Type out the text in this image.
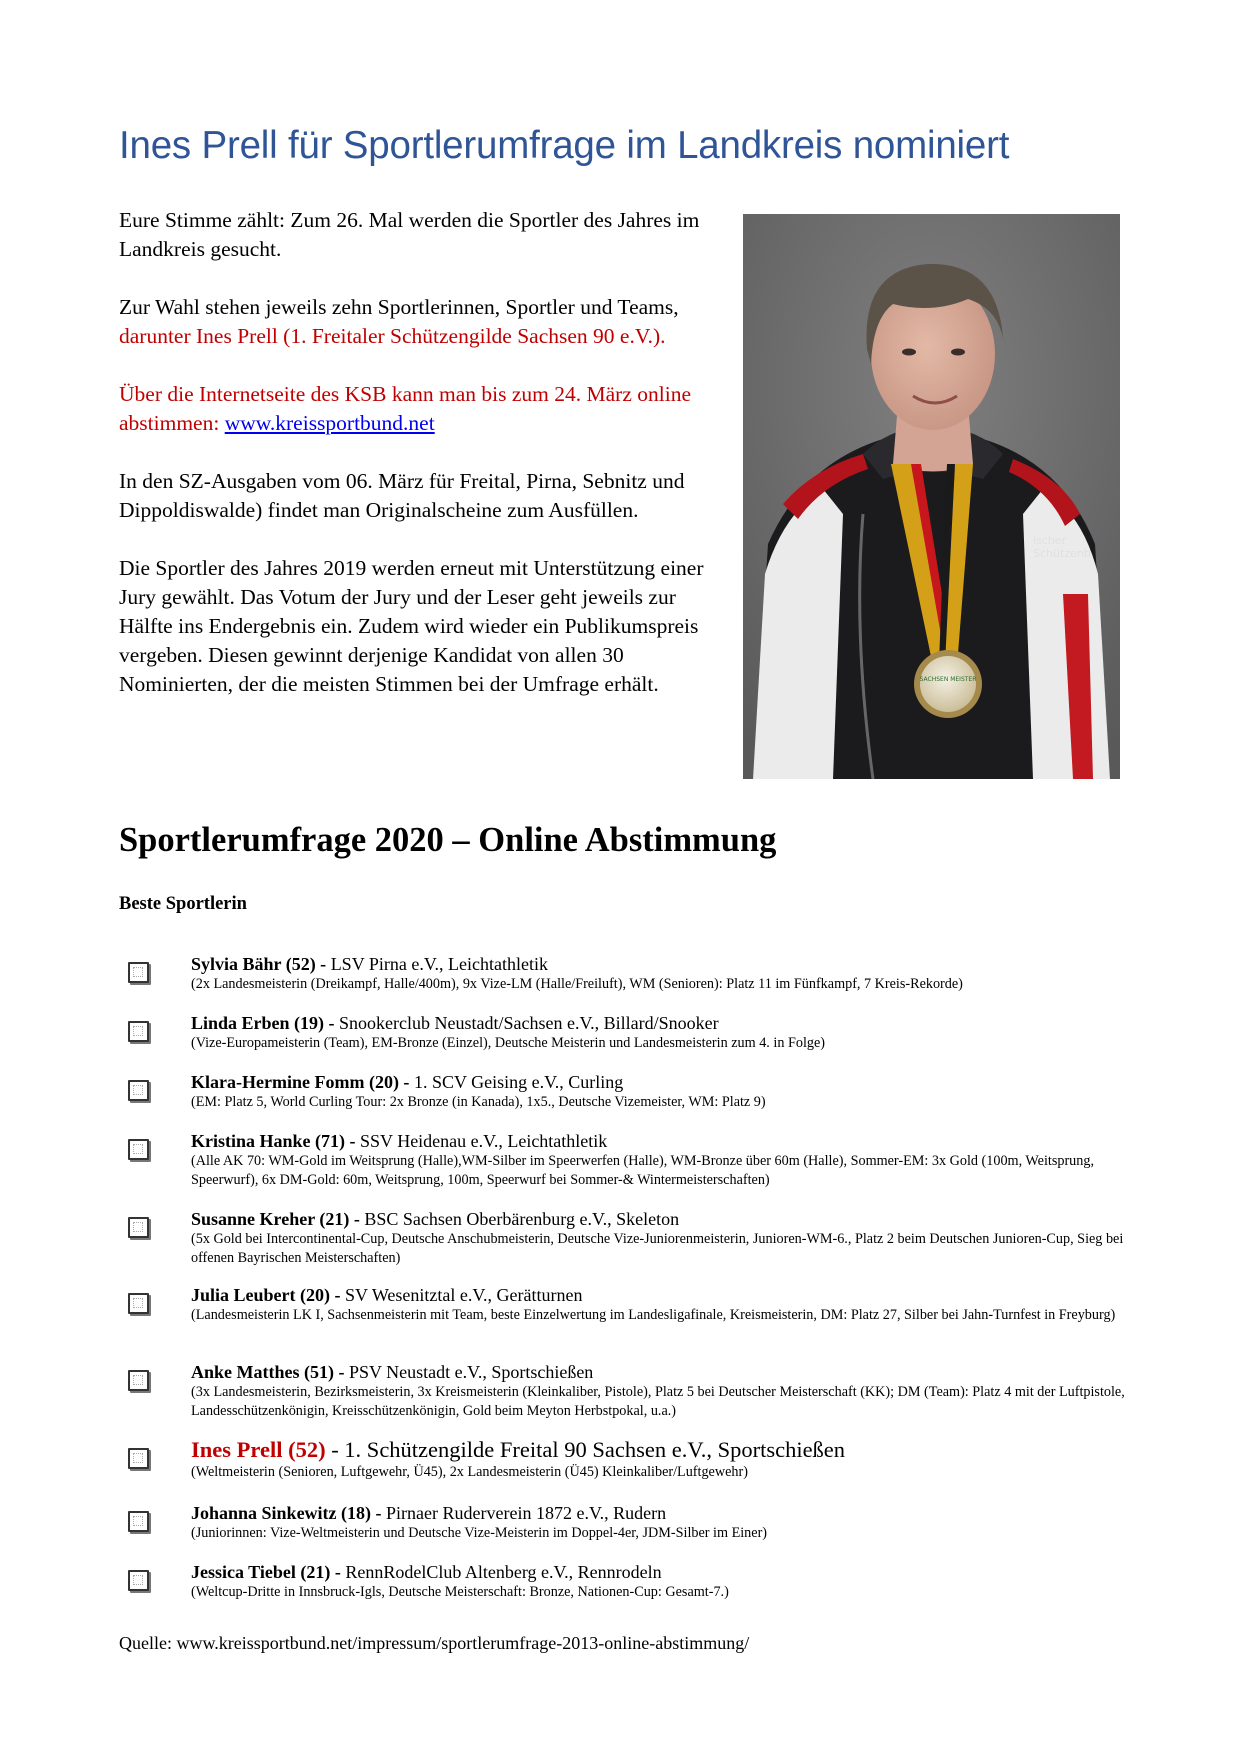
Ines Prell für Sportlerumfrage im Landkreis nominiert

Eure Stimme zählt: Zum 26. Mal werden die Sportler des Jahres im Landkreis gesucht.

Zur Wahl stehen jeweils zehn Sportlerinnen, Sportler und Teams, darunter Ines Prell (1. Freitaler Schützengilde Sachsen 90 e.V.).

Über die Internetseite des KSB kann man bis zum 24. März online abstimmen: www.kreissportbund.net

In den SZ-Ausgaben vom 06. März für Freital, Pirna, Sebnitz und Dippoldiswalde) findet man Originalscheine zum Ausfüllen.

Die Sportler des Jahres 2019 werden erneut mit Unterstützung einer Jury gewählt. Das Votum der Jury und der Leser geht jeweils zur Hälfte ins Endergebnis ein. Zudem wird wieder ein Publikumspreis vergeben. Diesen gewinnt derjenige Kandidat von allen 30 Nominierten, der die meisten Stimmen bei der Umfrage erhält.	SACHSEN MEISTER
ischer Schützenb
Sportlerumfrage 2020 – Online Abstimmung
Beste Sportlerin
Sylvia Bähr (52) - LSV Pirna e.V., Leichtathletik
(2x Landesmeisterin (Dreikampf, Halle/400m), 9x Vize-LM (Halle/Freiluft), WM (Senioren): Platz 11 im Fünfkampf, 7 Kreis-Rekorde)
Linda Erben (19) - Snookerclub Neustadt/Sachsen e.V., Billard/Snooker
(Vize-Europameisterin (Team), EM-Bronze (Einzel), Deutsche Meisterin und Landesmeisterin zum 4. in Folge)
Klara-Hermine Fomm (20) - 1. SCV Geising e.V., Curling
(EM: Platz 5, World Curling Tour: 2x Bronze (in Kanada), 1x5., Deutsche Vizemeister, WM: Platz 9)
Kristina Hanke (71) - SSV Heidenau e.V., Leichtathletik
(Alle AK 70: WM-Gold im Weitsprung (Halle),WM-Silber im Speerwerfen (Halle), WM-Bronze über 60m (Halle), Sommer-EM: 3x Gold (100m, Weitsprung, Speerwurf), 6x DM-Gold: 60m, Weitsprung, 100m, Speerwurf bei Sommer-& Wintermeisterschaften)
Susanne Kreher (21) - BSC Sachsen Oberbärenburg e.V., Skeleton
(5x Gold bei Intercontinental-Cup, Deutsche Anschubmeisterin, Deutsche Vize-Juniorenmeisterin, Junioren-WM-6., Platz 2 beim Deutschen Junioren-Cup, Sieg bei offenen Bayrischen Meisterschaften)
Julia Leubert (20) - SV Wesenitztal e.V., Gerätturnen
(Landesmeisterin LK I, Sachsenmeisterin mit Team, beste Einzelwertung im Landesligafinale, Kreismeisterin, DM: Platz 27, Silber bei Jahn-Turnfest in Freyburg)
Anke Matthes (51) - PSV Neustadt e.V., Sportschießen
(3x Landesmeisterin, Bezirksmeisterin, 3x Kreismeisterin (Kleinkaliber, Pistole), Platz 5 bei Deutscher Meisterschaft (KK); DM (Team): Platz 4 mit der Luftpistole, Landesschützenkönigin, Kreisschützenkönigin, Gold beim Meyton Herbstpokal, u.a.)
Ines Prell (52) - 1. Schützengilde Freital 90 Sachsen e.V., Sportschießen
(Weltmeisterin (Senioren, Luftgewehr, Ü45), 2x Landesmeisterin (Ü45) Kleinkaliber/Luftgewehr)
Johanna Sinkewitz (18) - Pirnaer Ruderverein 1872 e.V., Rudern
(Juniorinnen: Vize-Weltmeisterin und Deutsche Vize-Meisterin im Doppel-4er, JDM-Silber im Einer)
Jessica Tiebel (21) - RennRodelClub Altenberg e.V., Rennrodeln
(Weltcup-Dritte in Innsbruck-Igls, Deutsche Meisterschaft: Bronze, Nationen-Cup: Gesamt-7.)
Quelle: www.kreissportbund.net/impressum/sportlerumfrage-2013-online-abstimmung/
